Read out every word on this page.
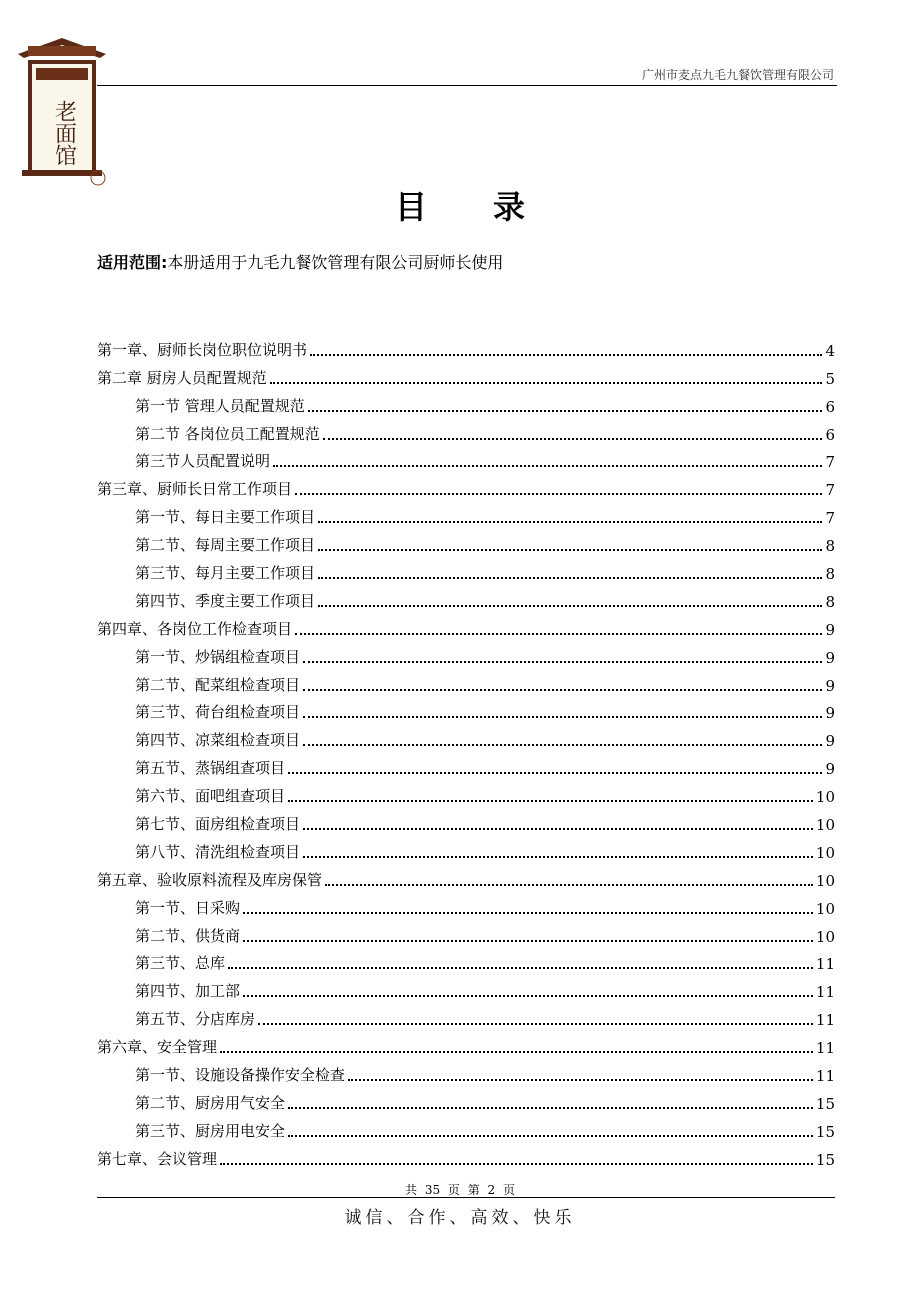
老面馆
广州市麦点九毛九餐饮管理有限公司
目录
适用范围:本册适用于九毛九餐饮管理有限公司厨师长使用
第一章、厨师长岗位职位说明书	4
第二章 厨房人员配置规范	5
第一节 管理人员配置规范	6
第二节 各岗位员工配置规范	6
第三节人员配置说明	7
第三章、厨师长日常工作项目	7
第一节、每日主要工作项目	7
第二节、每周主要工作项目	8
第三节、每月主要工作项目	8
第四节、季度主要工作项目	8
第四章、各岗位工作检查项目	9
第一节、炒锅组检查项目	9
第二节、配菜组检查项目	9
第三节、荷台组检查项目	9
第四节、凉菜组检查项目	9
第五节、蒸锅组查项目	9
第六节、面吧组查项目	10
第七节、面房组检查项目	10
第八节、清洗组检查项目	10
第五章、验收原料流程及库房保管	10
第一节、日采购	10
第二节、供货商	10
第三节、总库	11
第四节、加工部	11
第五节、分店库房	11
第六章、安全管理	11
第一节、设施设备操作安全检查	11
第二节、厨房用气安全	15
第三节、厨房用电安全	15
第七章、会议管理	15
共 35 页 第 2 页
诚信、合作、高效、快乐
